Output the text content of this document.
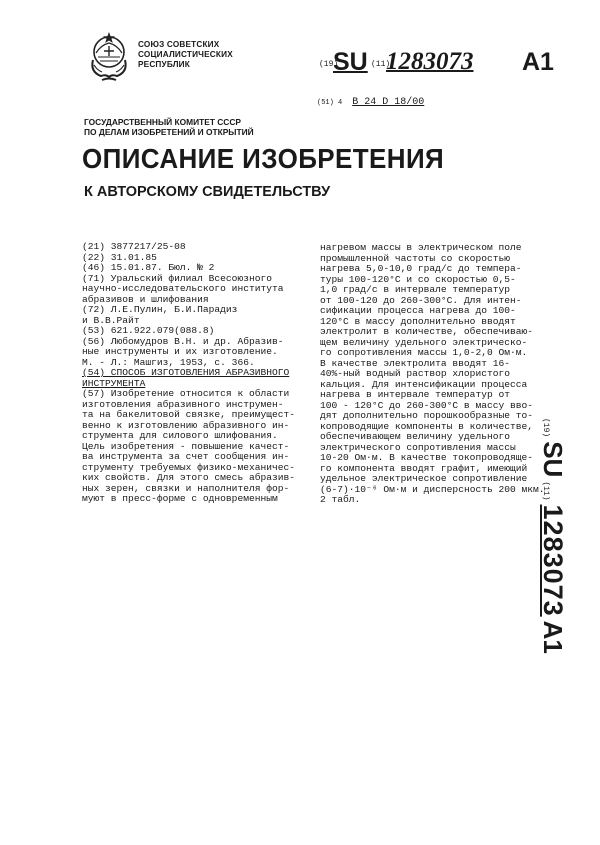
СОЮЗ СОВЕТСКИХ
СОЦИАЛИСТИЧЕСКИХ
РЕСПУБЛИК	(19)
SU (11)
1283073 A1
(51) 4 B 24 D 18/00
ГОСУДАРСТВЕННЫЙ КОМИТЕТ СССР
ПО ДЕЛАМ ИЗОБРЕТЕНИЙ И ОТКРЫТИЙ
ОПИСАНИЕ ИЗОБРЕТЕНИЯ
К АВТОРСКОМУ СВИДЕТЕЛЬСТВУ
(21) 3877217/25-08
(22) 31.01.85
(46) 15.01.87. Бюл. № 2
(71) Уральский филиал Всесоюзного
научно-исследовательского института
абразивов и шлифования
(72) Л.Е.Пулин, Б.И.Парадиз
и В.В.Райт
(53) 621.922.079(088.8)
(56) Любомудров В.Н. и др. Абразив-
ные инструменты и их изготовление.
М. - Л.: Машгиз, 1953, с. 366.
(54) СПОСОБ ИЗГОТОВЛЕНИЯ АБРАЗИВНОГО
ИНСТРУМЕНТА
(57) Изобретение относится к области
изготовления абразивного инструмен-
та на бакелитовой связке, преимущест-
венно к изготовлению абразивного ин-
струмента для силового шлифования.
Цель изобретения - повышение качест-
ва инструмента за счет сообщения ин-
струменту требуемых физико-механичес-
ких свойств. Для этого смесь абразив-
ных зерен, связки и наполнителя фор-
муют в пресс-форме с одновременным
нагревом массы в электрическом поле
промышленной частоты со скоростью
нагрева 5,0-10,0 град/с до темпера-
туры 100-120°С и со скоростью 0,5-
1,0 град/с в интервале температур
от 100-120 до 260-300°С. Для интен-
сификации процесса нагрева до 100-
120°С в массу дополнительно вводят
электролит в количестве, обеспечиваю-
щем величину удельного электрическо-
го сопротивления массы 1,0-2,0 Ом·м.
В качестве электролита вводят 16-
40%-ный водный раствор хлористого
кальция. Для интенсификации процесса
нагрева в интервале температур от
100 - 120°С до 260-300°С в массу вво-
дят дополнительно порошкообразные то-
копроводящие компоненты в количестве,
обеспечивающем величину удельного
электрического сопротивления массы
10-20 Ом·м. В качестве токопроводяще-
го компонента вводят графит, имеющий
удельное электрическое сопротивление
(6-7)·10⁻⁶ Ом·м и дисперсность 200 мкм.
2 табл.
(19)
SU
(11)
1283073
A1
